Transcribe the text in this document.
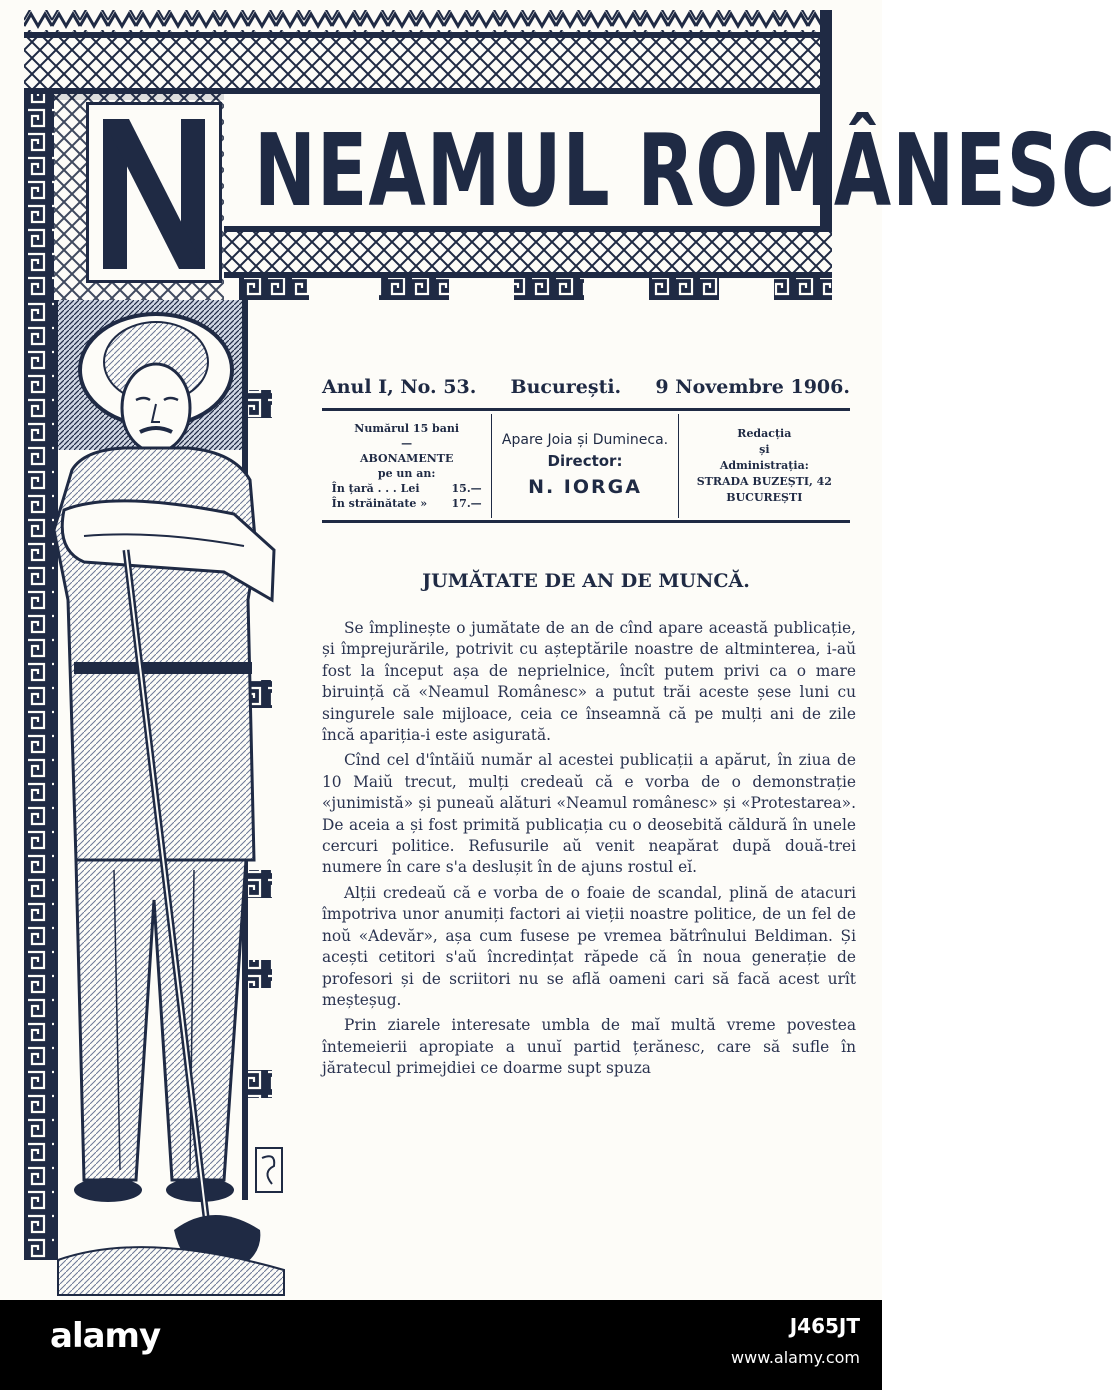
NEAMUL ROMÂNESC
Anul I, No. 53. București. 9 Novembre 1906.
Numărul 15 bani
—
ABONAMENTE
pe un an:
În țară . . . Lei	15.—
În străinătate » 17.—
Apare Joia și Dumineca.
Director:
N. IORGA
Redacția
și
Administrația:
STRADA BUZEȘTI, 42
BUCUREȘTI
JUMĂTATE DE AN DE MUNCĂ.

Se împlinește o jumătate de an de cînd apare această publicație, și împrejurările, potrivit cu așteptările noastre de altminterea, i-aŭ fost la început așa de neprielnice, încît putem privi ca o mare biruință că «Neamul Românesc» a putut trăi aceste șese luni cu singurele sale mijloace, ceia ce înseamnă că pe mulți ani de zile încă apariția-i este asigurată.

Cînd cel d'întăiŭ număr al acestei publicații a apărut, în ziua de 10 Maiŭ trecut, mulți credeaŭ că e vorba de o demonstrație «junimistă» și puneaŭ alături «Neamul românesc» și «Protestarea». De aceia a și fost primită publicația cu o deosebită căldură în unele cercuri politice. Refusurile aŭ venit neapărat după două-trei numere în care s'a deslușit în de ajuns rostul eĭ.

Alții credeaŭ că e vorba de o foaie de scandal, plină de atacuri împotriva unor anumiți factori ai vieții noastre politice, de un fel de noŭ «Adevăr», așa cum fusese pe vremea bătrînului Beldiman. Și acești cetitori s'aŭ încredințat răpede că în noua generație de profesori și de scriitori nu se află oameni cari să facă acest urît meșteșug.

Prin ziarele interesate umbla de maĭ multă vreme povestea întemeierii apropiate a unuĭ partid țerănesc, care să sufle în jăratecul primejdiei ce doarme supt spuza

alamy	J465JT
www.alamy.com
